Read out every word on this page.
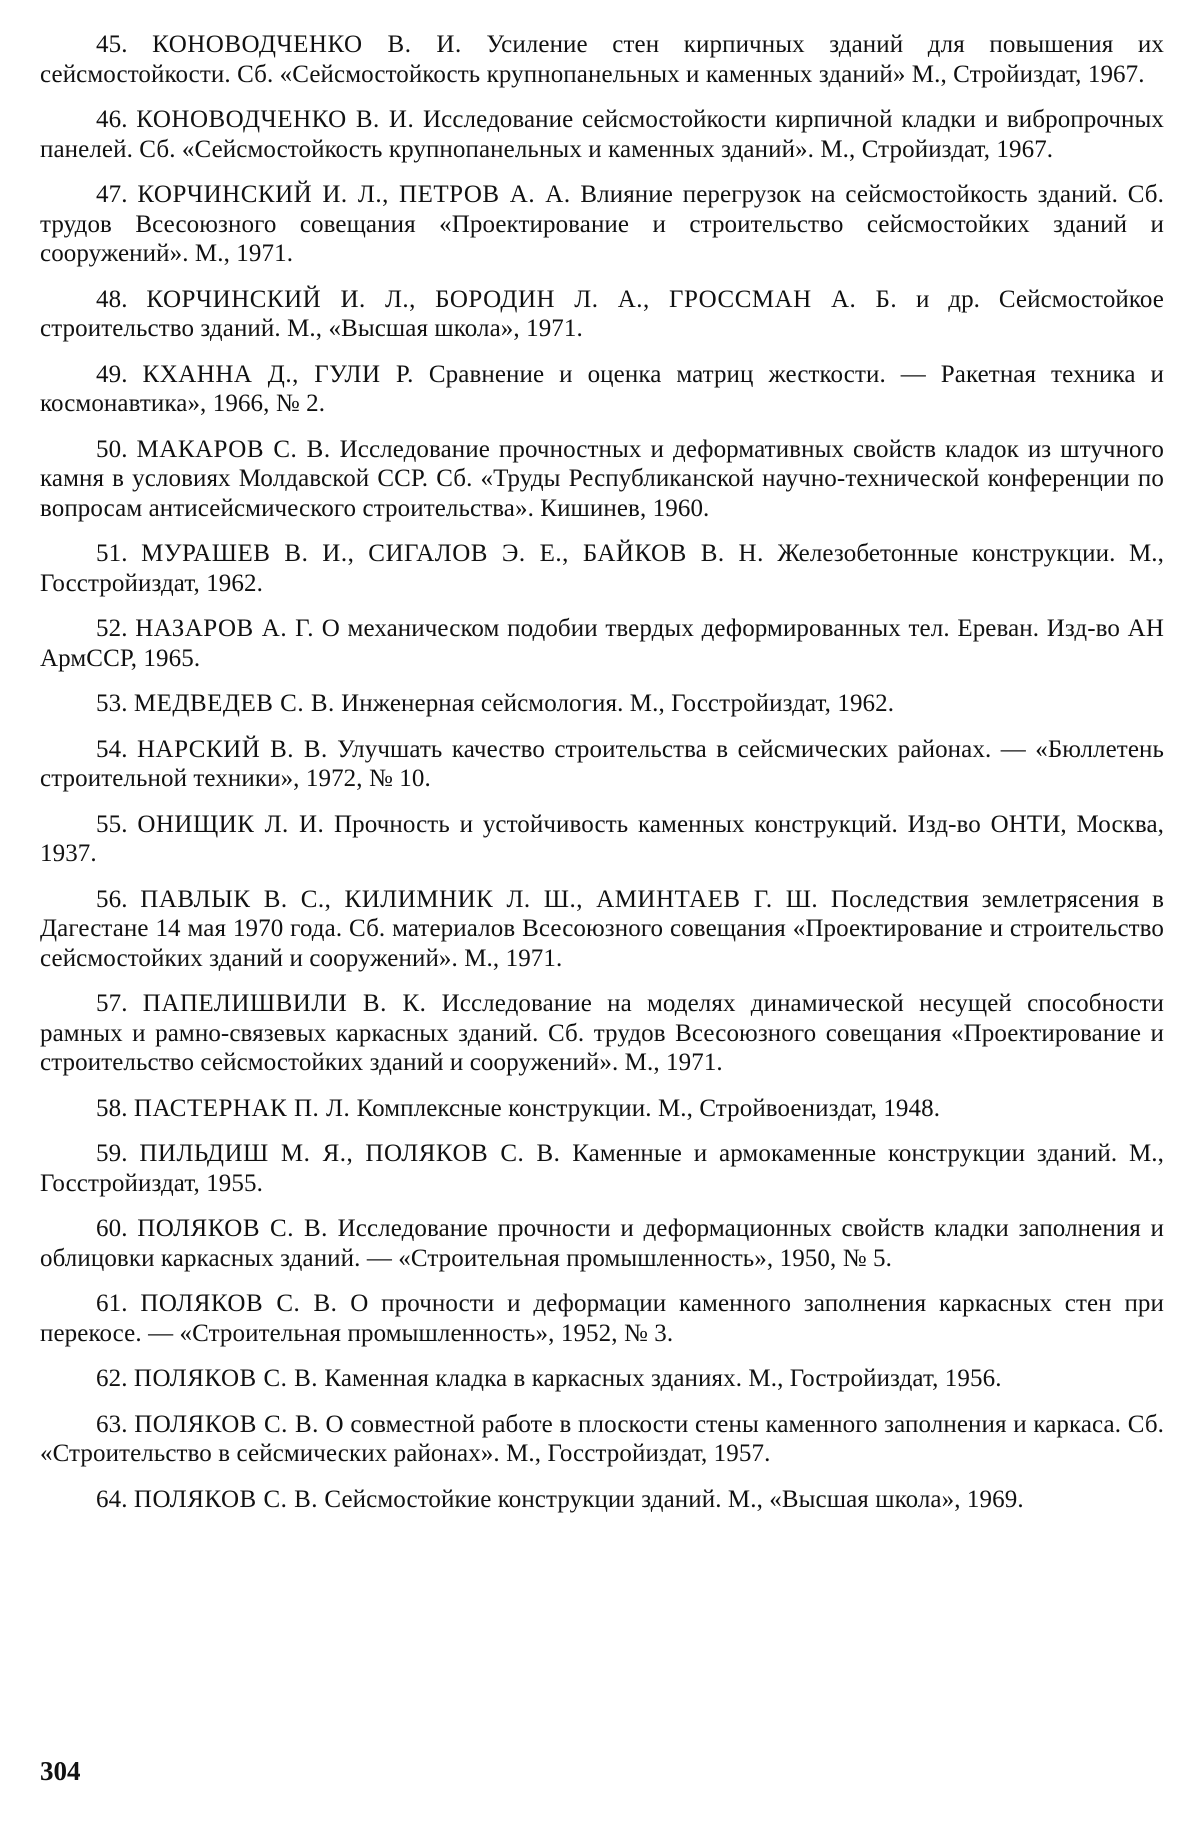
45. КОНОВОДЧЕНКО В. И. Усиление стен кирпичных зданий для повышения их сейсмостойкости. Сб. «Сейсмостойкость крупнопанельных и каменных зданий» М., Стройиздат, 1967.

46. КОНОВОДЧЕНКО В. И. Исследование сейсмостойкости кирпичной кладки и вибропрочных панелей. Сб. «Сейсмостойкость крупнопанельных и каменных зданий». М., Стройиздат, 1967.

47. КОРЧИНСКИЙ И. Л., ПЕТРОВ А. А. Влияние перегрузок на сейсмостойкость зданий. Сб. трудов Всесоюзного совещания «Проектирование и строительство сейсмостойких зданий и сооружений». М., 1971.

48. КОРЧИНСКИЙ И. Л., БОРОДИН Л. А., ГРОССМАН А. Б. и др. Сейсмостойкое строительство зданий. М., «Высшая школа», 1971.

49. КХАННА Д., ГУЛИ Р. Сравнение и оценка матриц жесткости. — Ракетная техника и космонавтика», 1966, № 2.

50. МАКАРОВ С. В. Исследование прочностных и деформативных свойств кладок из штучного камня в условиях Молдавской ССР. Сб. «Труды Республиканской научно-технической конференции по вопросам антисейсмического строительства». Кишинев, 1960.

51. МУРАШЕВ В. И., СИГАЛОВ Э. Е., БАЙКОВ В. Н. Железобетонные конструкции. М., Госстройиздат, 1962.

52. НАЗАРОВ А. Г. О механическом подобии твердых деформированных тел. Ереван. Изд-во АН АрмССР, 1965.

53. МЕДВЕДЕВ С. В. Инженерная сейсмология. М., Госстройиздат, 1962.

54. НАРСКИЙ В. В. Улучшать качество строительства в сейсмических районах. — «Бюллетень строительной техники», 1972, № 10.

55. ОНИЩИК Л. И. Прочность и устойчивость каменных конструкций. Изд-во ОНТИ, Москва, 1937.

56. ПАВЛЫК В. С., КИЛИМНИК Л. Ш., АМИНТАЕВ Г. Ш. Последствия землетрясения в Дагестане 14 мая 1970 года. Сб. материалов Всесоюзного совещания «Проектирование и строительство сейсмостойких зданий и сооружений». М., 1971.

57. ПАПЕЛИШВИЛИ В. К. Исследование на моделях динамической несущей способности рамных и рамно-связевых каркасных зданий. Сб. трудов Всесоюзного совещания «Проектирование и строительство сейсмостойких зданий и сооружений». М., 1971.

58. ПАСТЕРНАК П. Л. Комплексные конструкции. М., Стройвоениздат, 1948.

59. ПИЛЬДИШ М. Я., ПОЛЯКОВ С. В. Каменные и армокаменные конструкции зданий. М., Госстройиздат, 1955.

60. ПОЛЯКОВ С. В. Исследование прочности и деформационных свойств кладки заполнения и облицовки каркасных зданий. — «Строительная промышленность», 1950, № 5.

61. ПОЛЯКОВ С. В. О прочности и деформации каменного заполнения каркасных стен при перекосе. — «Строительная промышленность», 1952, № 3.

62. ПОЛЯКОВ С. В. Каменная кладка в каркасных зданиях. М., Гостройиздат, 1956.

63. ПОЛЯКОВ С. В. О совместной работе в плоскости стены каменного заполнения и каркаса. Сб. «Строительство в сейсмических районах». М., Госстройиздат, 1957.

64. ПОЛЯКОВ С. В. Сейсмостойкие конструкции зданий. М., «Высшая школа», 1969.

304
